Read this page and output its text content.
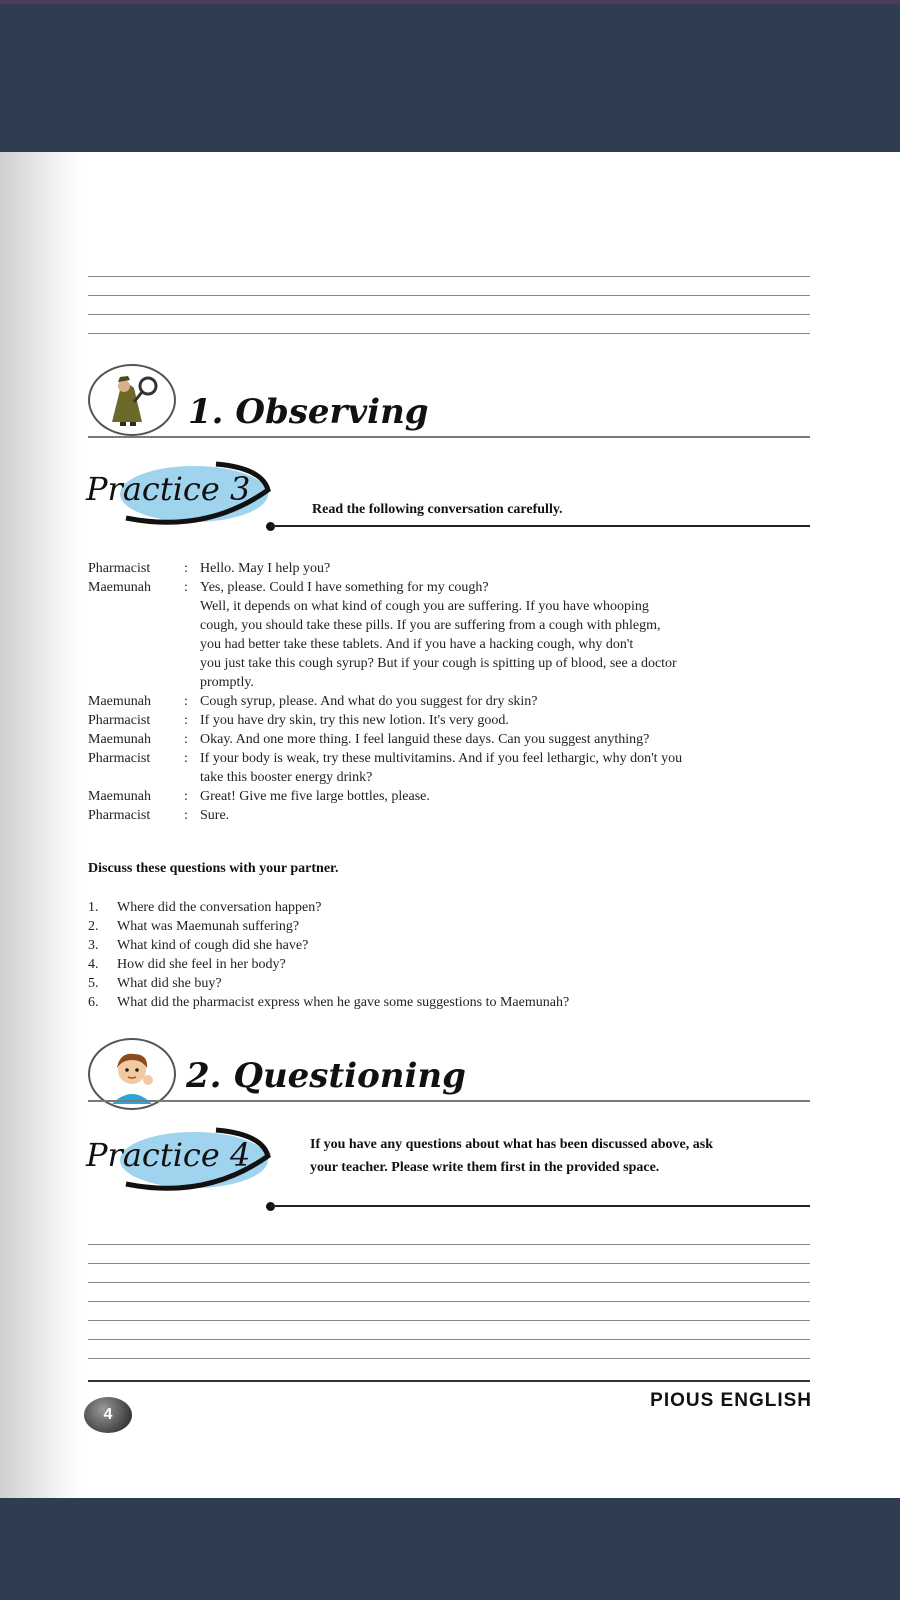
1. Observing
Practice 3
Read the following conversation carefully.
Pharmacist	: Hello. May I help you?
Maemunah	: Yes, please. Could I have something for my cough?
Well, it depends on what kind of cough you are suffering. If you have whooping
cough, you should take these pills. If you are suffering from a cough with phlegm,
you had better take these tablets. And if you have a hacking cough, why don't
you just take this cough syrup? But if your cough is spitting up of blood, see a doctor
promptly.
Maemunah	: Cough syrup, please. And what do you suggest for dry skin?
Pharmacist	: If you have dry skin, try this new lotion. It's very good.
Maemunah	: Okay. And one more thing. I feel languid these days. Can you suggest anything?
Pharmacist	: If your body is weak, try these multivitamins. And if you feel lethargic, why don't you
take this booster energy drink?
Maemunah	: Great! Give me five large bottles, please.
Pharmacist	: Sure.
Discuss these questions with your partner.
1.	Where did the conversation happen?
2.	What was Maemunah suffering?
3.	What kind of cough did she have?
4.	How did she feel in her body?
5.	What did she buy?
6.	What did the pharmacist express when he gave some suggestions to Maemunah?
2. Questioning
Practice 4	If you have any questions about what has been discussed above, ask
your teacher. Please write them first in the provided space.
4
PIOUS ENGLISH
